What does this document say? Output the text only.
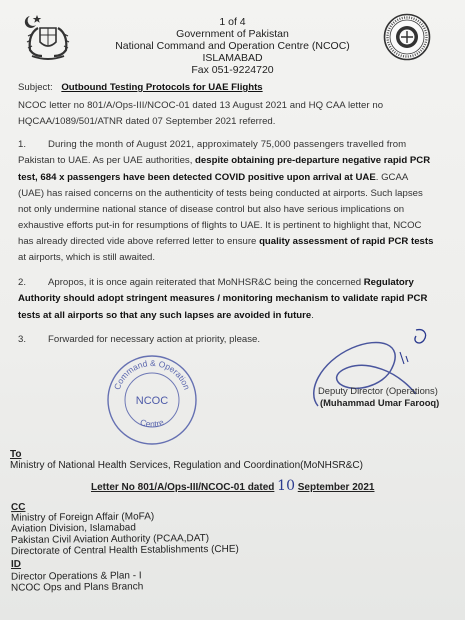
1 of 4
Government of Pakistan
National Command and Operation Centre (NCOC)
ISLAMABAD
Fax 051-9224720
Subject: Outbound Testing Protocols for UAE Flights
NCOC letter no 801/A/Ops-III/NCOC-01 dated 13 August 2021 and HQ CAA letter no
HQCAA/1089/501/ATNR dated 07 September 2021 referred.
1. During the month of August 2021, approximately 75,000 passengers travelled from
Pakistan to UAE. As per UAE authorities, despite obtaining pre-departure negative rapid PCR
test, 684 x passengers have been detected COVID positive upon arrival at UAE. GCAA
(UAE) has raised concerns on the authenticity of tests being conducted at airports. Such lapses
not only undermine national stance of disease control but also have serious implications on
exhaustive efforts put-in for resumptions of flights to UAE. It is pertinent to highlight that, NCOC
has already directed vide above referred letter to ensure quality assessment of rapid PCR tests
at airports, which is still awaited.
2. Apropos, it is once again reiterated that MoNHSR&C being the concerned Regulatory
Authority should adopt stringent measures / monitoring mechanism to validate rapid PCR
tests at all airports so that any such lapses are avoided in future.
3. Forwarded for necessary action at priority, please.
Command & Operation
Centre
NCOC
Deputy Director (Operations)
(Muhammad Umar Farooq)
To
Ministry of National Health Services, Regulation and Coordination(MoNHSR&C)
Letter No 801/A/Ops-III/NCOC-01 dated 10 September 2021
CC
Ministry of Foreign Affair (MoFA)
Aviation Division, Islamabad
Pakistan Civil Aviation Authority (PCAA,DAT)
Directorate of Central Health Establishments (CHE)
ID
Director Operations & Plan - I
NCOC Ops and Plans Branch
